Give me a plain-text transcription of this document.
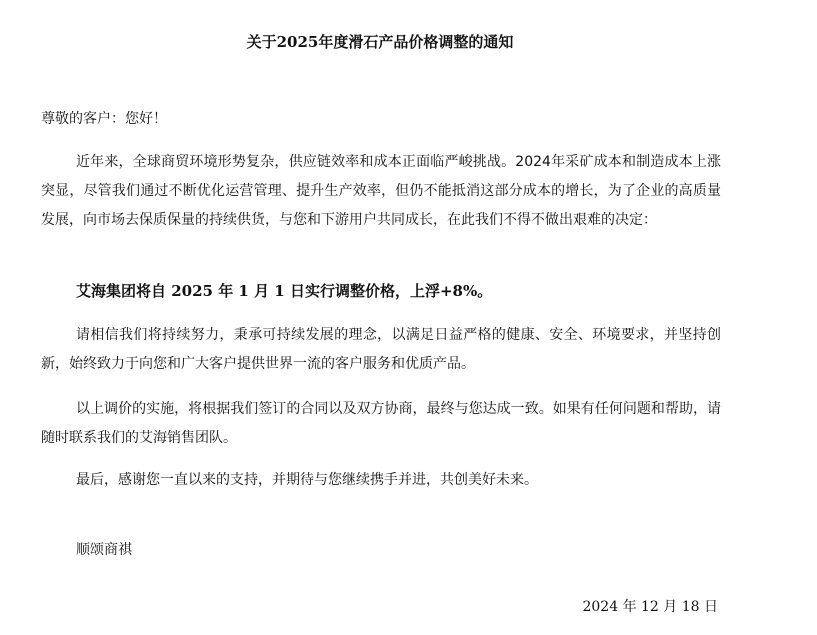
关于2025年度滑石产品价格调整的通知
尊敬的客户：您好！

近年来，全球商贸环境形势复杂，供应链效率和成本正面临严峻挑战。2024年采矿成本和制造成本上涨突显，尽管我们通过不断优化运营管理、提升生产效率，但仍不能抵消这部分成本的增长，为了企业的高质量发展，向市场去保质保量的持续供货，与您和下游用户共同成长，在此我们不得不做出艰难的决定：

艾海集团将自 2025 年 1 月 1 日实行调整价格，上浮+8%。

请相信我们将持续努力，秉承可持续发展的理念，以满足日益严格的健康、安全、环境要求，并坚持创新，始终致力于向您和广大客户提供世界一流的客户服务和优质产品。

以上调价的实施，将根据我们签订的合同以及双方协商，最终与您达成一致。如果有任何问题和帮助，请随时联系我们的艾海销售团队。

最后，感谢您一直以来的支持，并期待与您继续携手并进，共创美好未来。

顺颂商祺
2024 年 12 月 18 日
